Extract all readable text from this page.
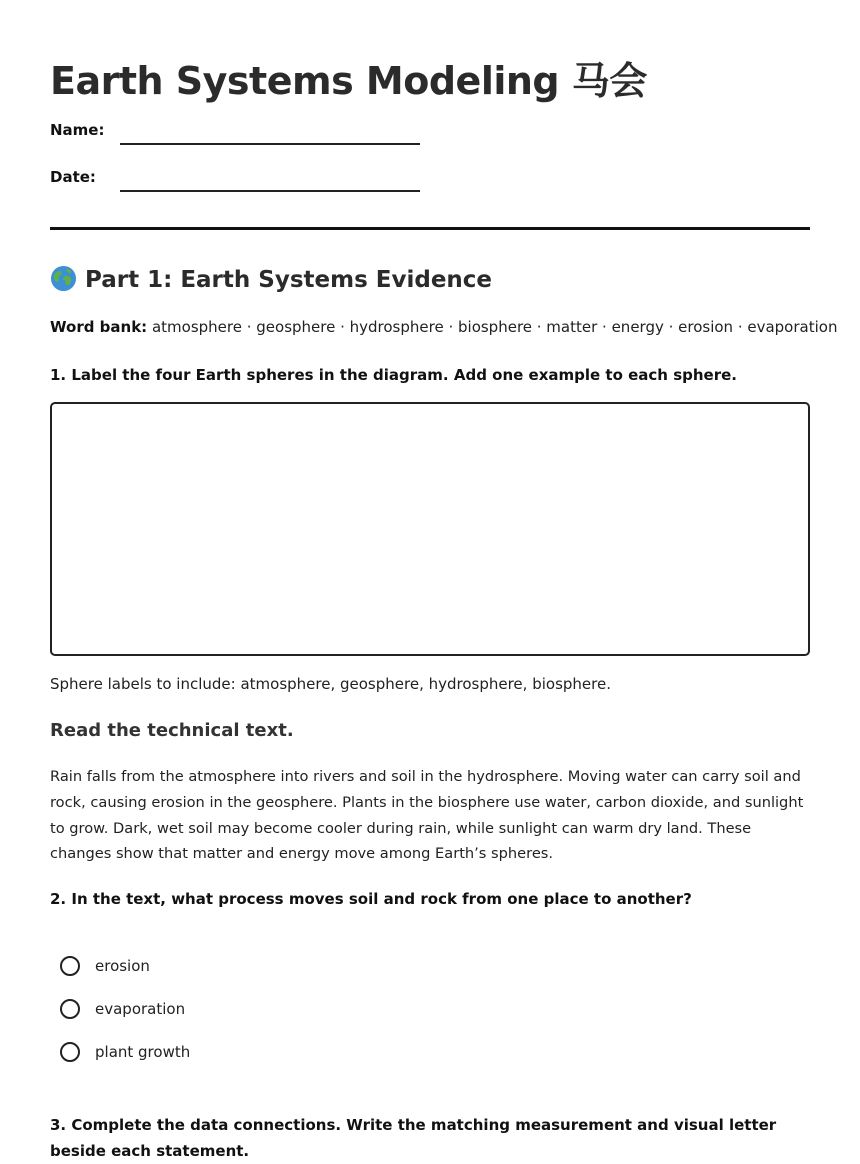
Earth Systems Modeling 马会
Name:
Date:
Part 1: Earth Systems Evidence
Word bank: atmosphere · geosphere · hydrosphere · biosphere · matter · energy · erosion · evaporation
1. Label the four Earth spheres in the diagram. Add one example to each sphere.
Sphere labels to include: atmosphere, geosphere, hydrosphere, biosphere.
Read the technical text.

Rain falls from the atmosphere into rivers and soil in the hydrosphere. Moving water can carry soil and rock, causing erosion in the geosphere. Plants in the biosphere use water, carbon dioxide, and sunlight to grow. Dark, wet soil may become cooler during rain, while sunlight can warm dry land. These changes show that matter and energy move among Earth’s spheres.

2. In the text, what process moves soil and rock from one place to another?
erosion
evaporation
plant growth
3. Complete the data connections. Write the matching measurement and visual letter beside each statement.
